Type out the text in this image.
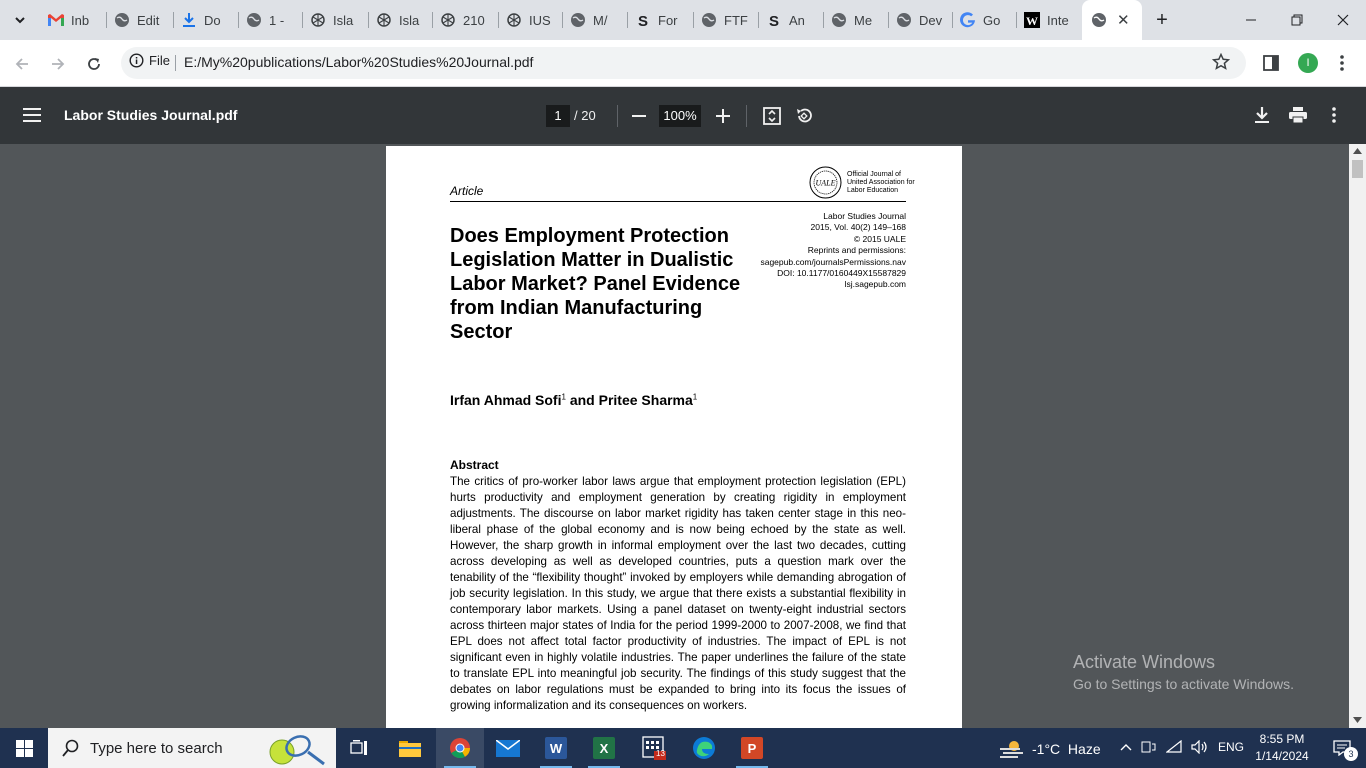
Inb	Edit	Do	1 -	Isla	Isla	210	IUS	M/ S For	FTF S An	Me	Dev	Go W Inte	✕	+
File E:/My%20publications/Labor%20Studies%20Journal.pdf	I
Labor Studies Journal.pdf	1 / 20	100%
Article
UALE
Official Journal of
United Association for
Labor Education
Labor Studies Journal
2015, Vol. 40(2) 149–168
© 2015 UALE
Reprints and permissions:
sagepub.com/journalsPermissions.nav
DOI: 10.1177/0160449X15587829
lsj.sagepub.com
Does Employment Protection Legislation Matter in Dualistic Labor Market? Panel Evidence from Indian Manufacturing Sector
Irfan Ahmad Sofi$^1$ and Pritee Sharma$^1$
Abstract
The critics of pro-worker labor laws argue that employment protection legislation (EPL) hurts productivity and employment generation by creating rigidity in employment adjustments. The discourse on labor market rigidity has taken center stage in this neo-liberal phase of the global economy and is now being echoed by the state as well. However, the sharp growth in informal employment over the last two decades, cutting across developing as well as developed countries, puts a question mark over the tenability of the “flexibility thought” invoked by employers while demanding abrogation of job security legislation. In this study, we argue that there exists a substantial flexibility in contemporary labor markets. Using a panel dataset on twenty-eight industrial sectors across thirteen major states of India for the period 1999-2000 to 2007-2008, we find that EPL does not affect total factor productivity of industries. The impact of EPL is not significant even in highly volatile industries. The paper underlines the failure of the state to translate EPL into meaningful job security. The findings of this study suggest that the debates on labor regulations must be expanded to bring into its focus the issues of growing informalization and its consequences on workers.
Activate Windows
Go to Settings to activate Windows.
Type here to search	W	X	13	P	-1°C  Haze	ENG
8:55 PM
1/14/2024	3
